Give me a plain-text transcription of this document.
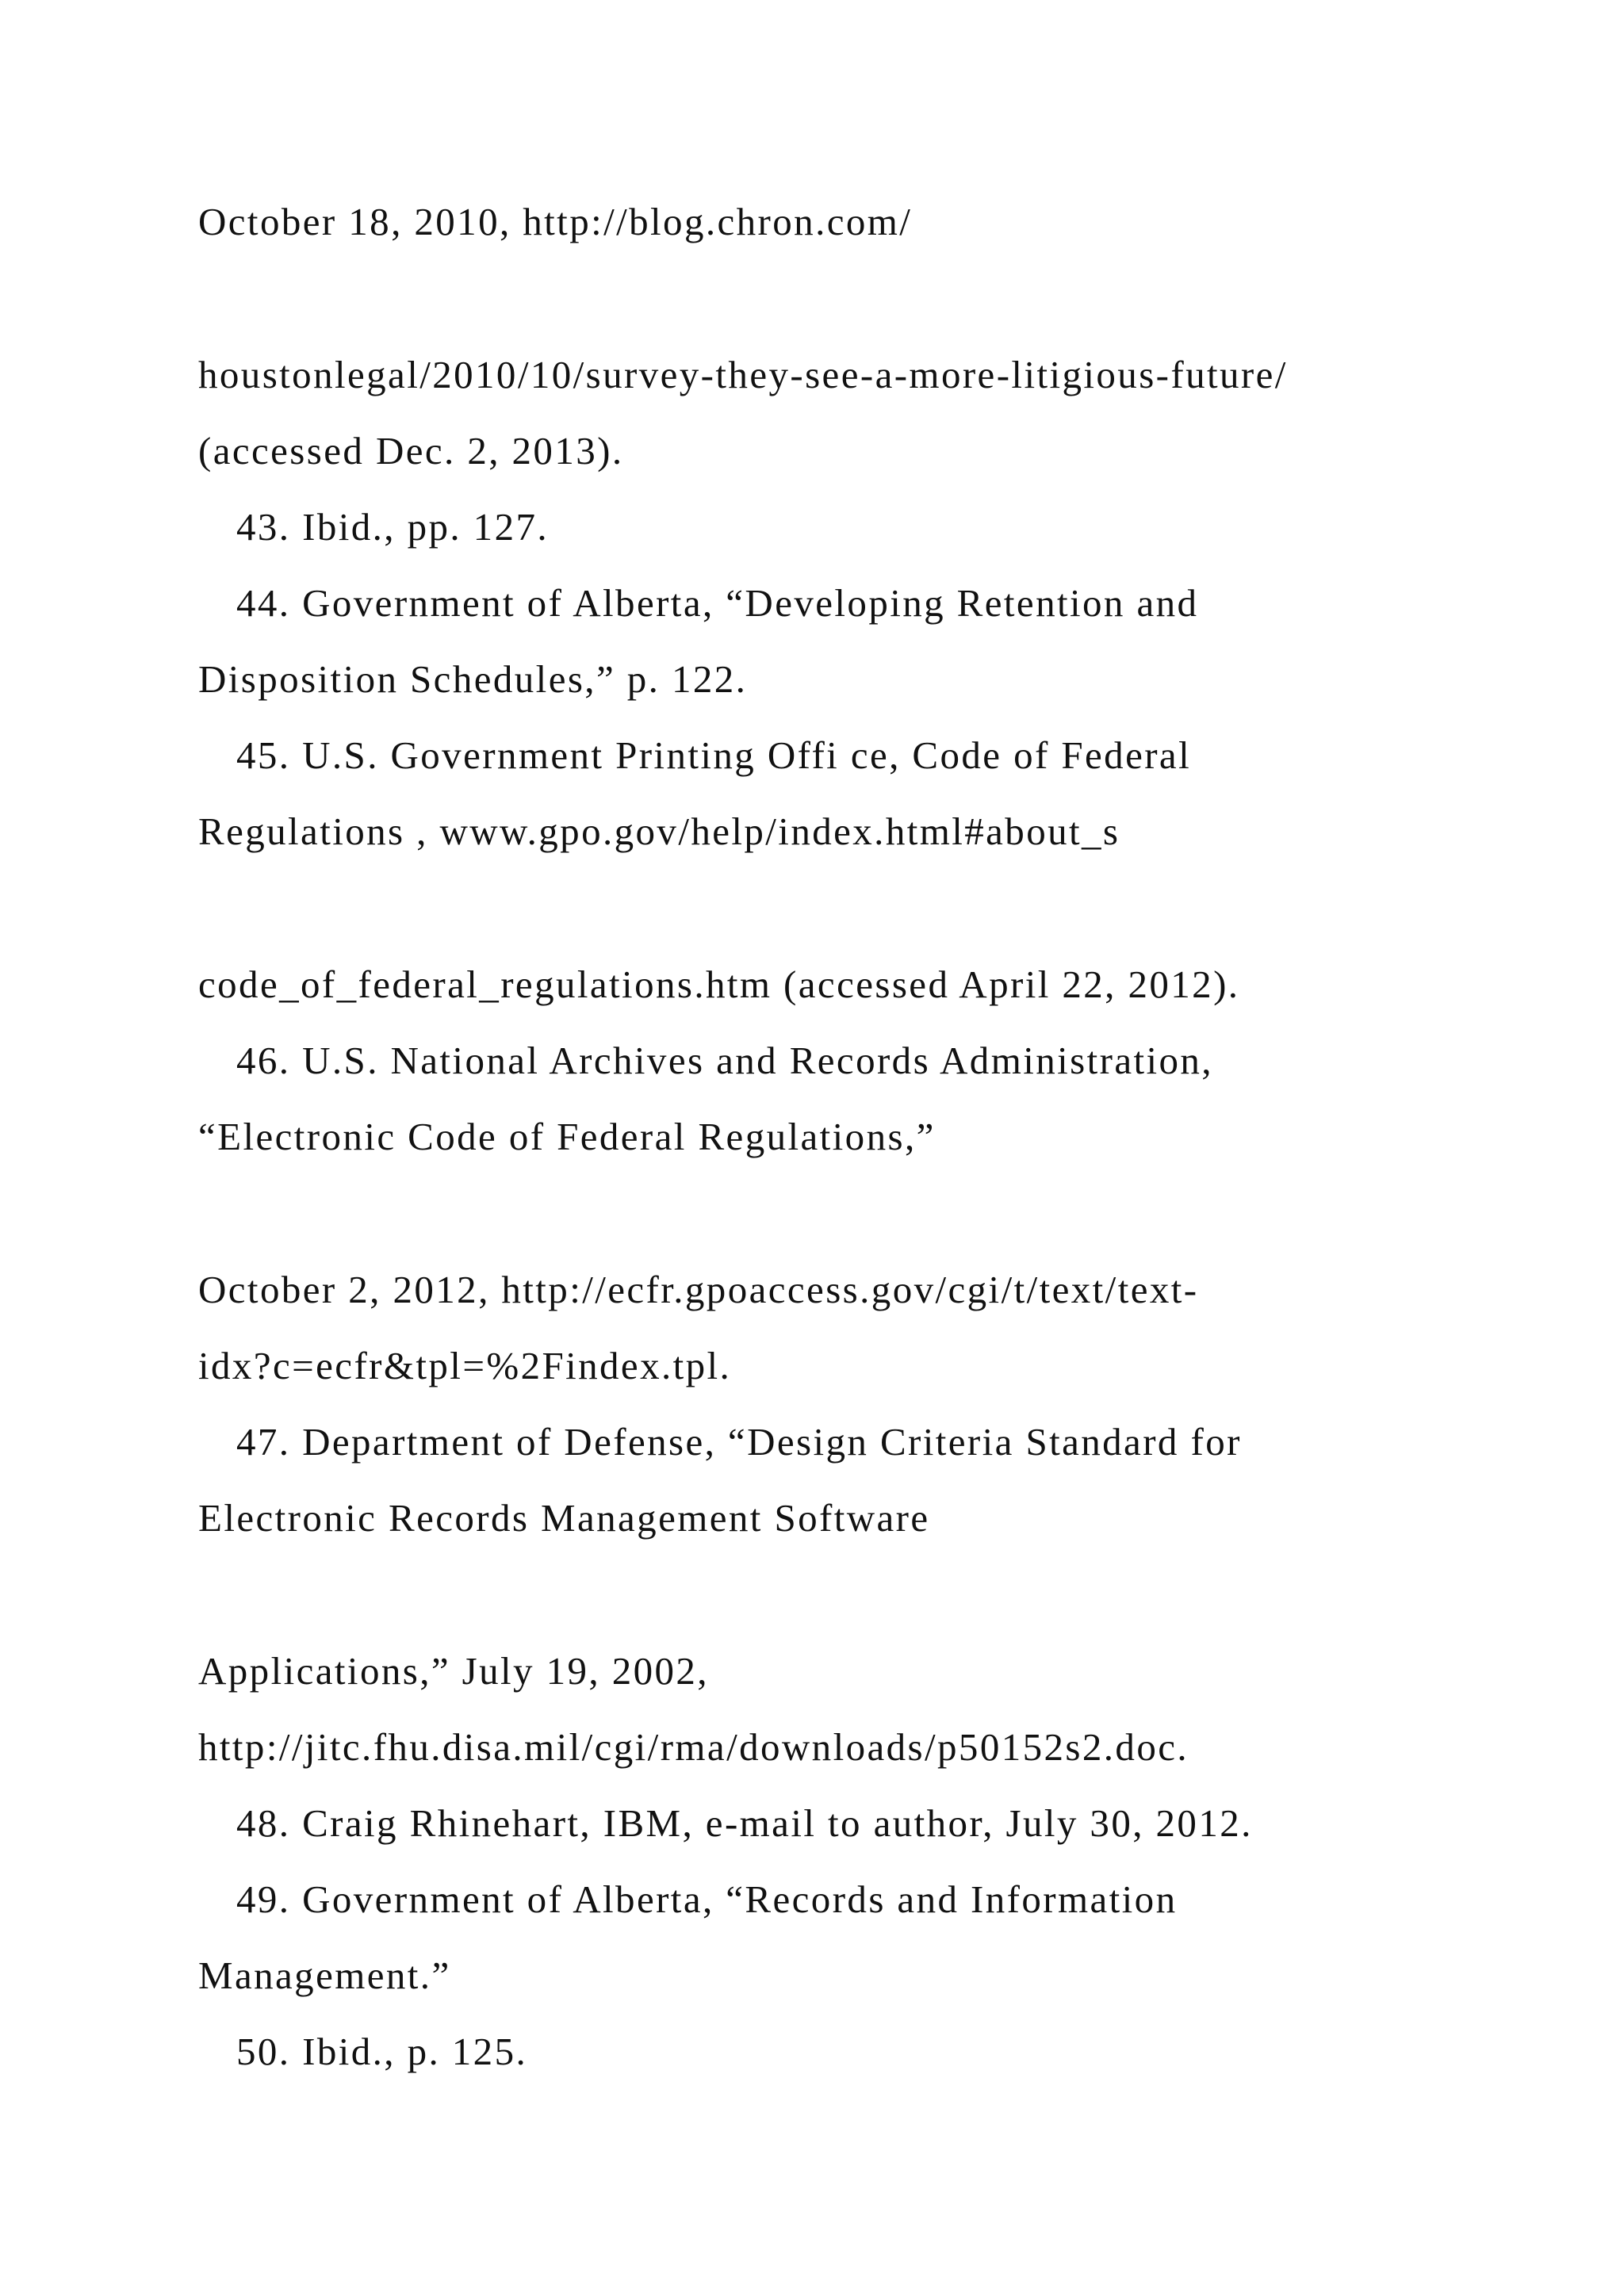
October 18, 2010, http://blog.chron.com/
houstonlegal/2010/10/survey-they-see-a-more-litigious-future/
(accessed Dec. 2, 2013).
43. Ibid., pp. 127.
44. Government of Alberta, “Developing Retention and
Disposition Schedules,” p. 122.
45. U.S. Government Printing Offi ce, Code of Federal
Regulations , www.gpo.gov/help/index.html#about_s
code_of_federal_regulations.htm (accessed April 22, 2012).
46. U.S. National Archives and Records Administration,
“Electronic Code of Federal Regulations,”
October 2, 2012, http://ecfr.gpoaccess.gov/cgi/t/text/text-
idx?c=ecfr&tpl=%2Findex.tpl.
47. Department of Defense, “Design Criteria Standard for
Electronic Records Management Software
Applications,” July 19, 2002,
http://jitc.fhu.disa.mil/cgi/rma/downloads/p50152s2.doc.
48. Craig Rhinehart, IBM, e-mail to author, July 30, 2012.
49. Government of Alberta, “Records and Information
Management.”
50. Ibid., p. 125.
